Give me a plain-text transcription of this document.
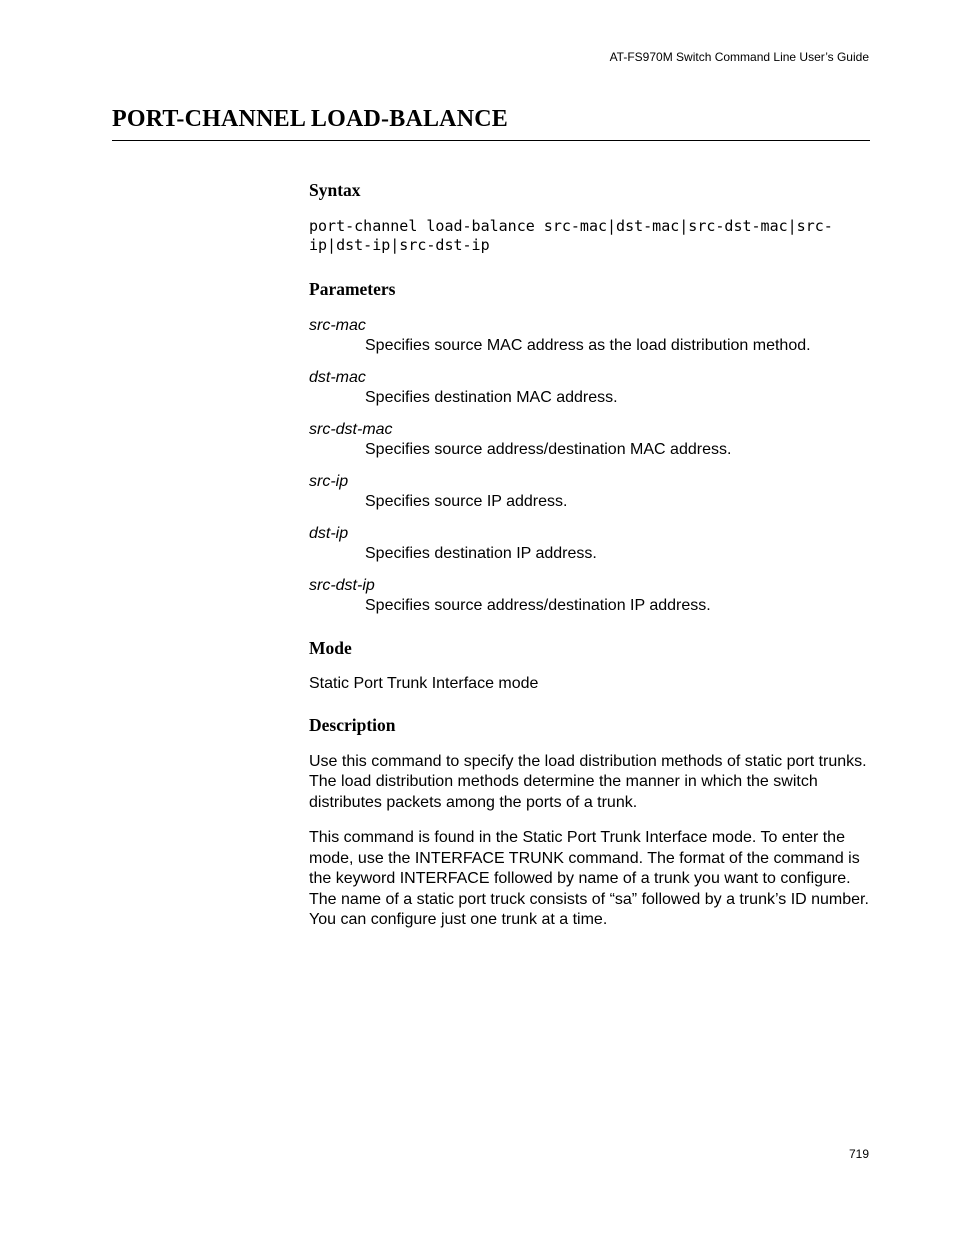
AT-FS970M Switch Command Line User’s Guide
PORT-CHANNEL LOAD-BALANCE
Syntax

port-channel load-balance src-mac|dst-mac|src-dst-mac|src-ip|dst-ip|src-dst-ip

Parameters
src-mac
Specifies source MAC address as the load distribution method.
dst-mac
Specifies destination MAC address.
src-dst-mac
Specifies source address/destination MAC address.
src-ip
Specifies source IP address.
dst-ip
Specifies destination IP address.
src-dst-ip
Specifies source address/destination IP address.
Mode

Static Port Trunk Interface mode

Description

Use this command to specify the load distribution methods of static port trunks. The load distribution methods determine the manner in which the switch distributes packets among the ports of a trunk.

This command is found in the Static Port Trunk Interface mode. To enter the mode, use the INTERFACE TRUNK command. The format of the command is the keyword INTERFACE followed by name of a trunk you want to configure. The name of a static port truck consists of “sa” followed by a trunk’s ID number. You can configure just one trunk at a time.

719
